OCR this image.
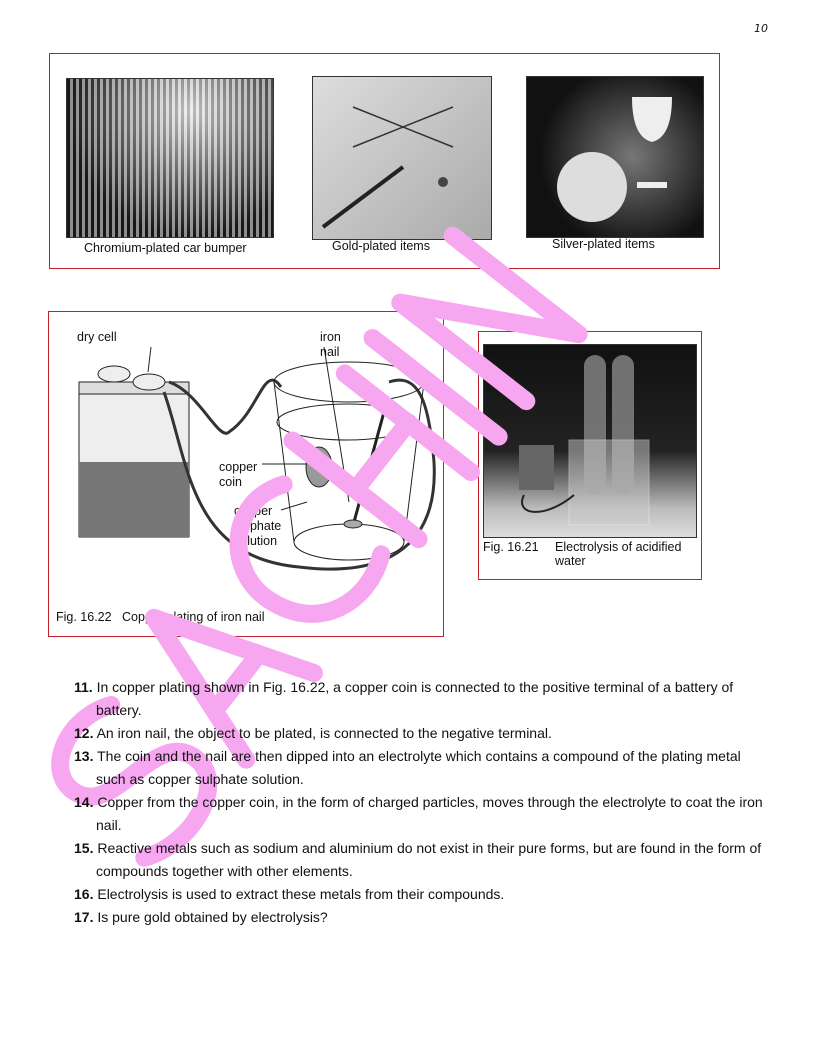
10
Chromium-plated car bumper	Gold-plated items	Silver-plated items
dry cell	iron
nail
copper
coin
copper
sulphate
solution
Fig. 16.22 Copper plating of iron nail
Fig. 16.21 Electrolysis of acidified water
11. In copper plating shown in Fig. 16.22, a copper coin is connected to the positive terminal of a battery of battery.
12. An iron nail, the object to be plated, is connected to the negative terminal.
13. The coin and the nail are then dipped into an electrolyte which contains a compound of the plating metal such as copper sulphate solution.
14. Copper from the copper coin, in the form of charged particles, moves through the electrolyte to coat the iron nail.
15. Reactive metals such as sodium and aluminium do not exist in their pure forms, but are found in the form of compounds together with other elements.
16. Electrolysis is used to extract these metals from their compounds.
17. Is pure gold obtained by electrolysis?
